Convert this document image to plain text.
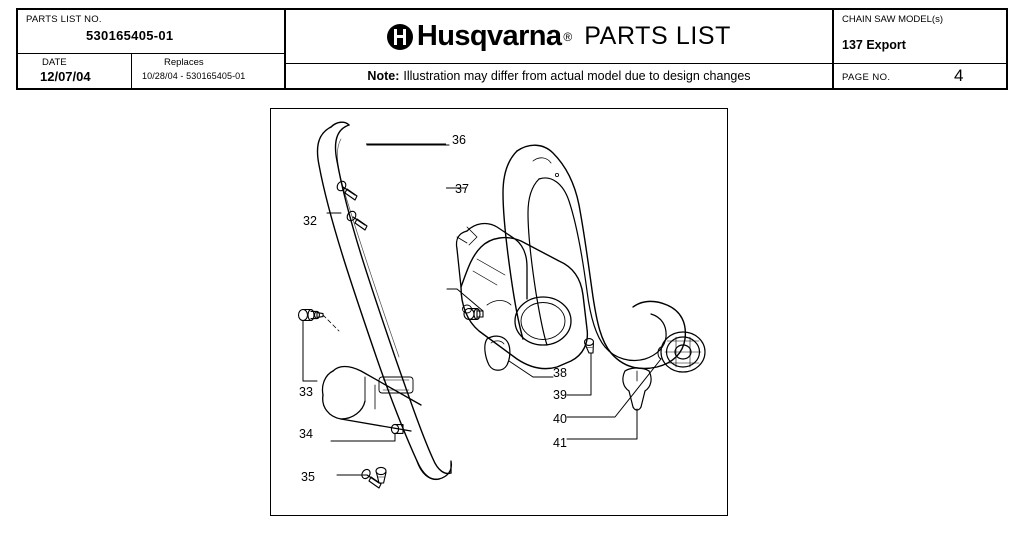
PARTS LIST NO.
530165405-01
DATE
12/07/04
Replaces
10/28/04 - 530165405-01
Husqvarna ® PARTS LIST
Note: Illustration may differ from actual model due to design changes
CHAIN SAW MODEL(s)
137 Export
PAGE NO.	4
36
37
32
33
34
35
38
39
40
41
